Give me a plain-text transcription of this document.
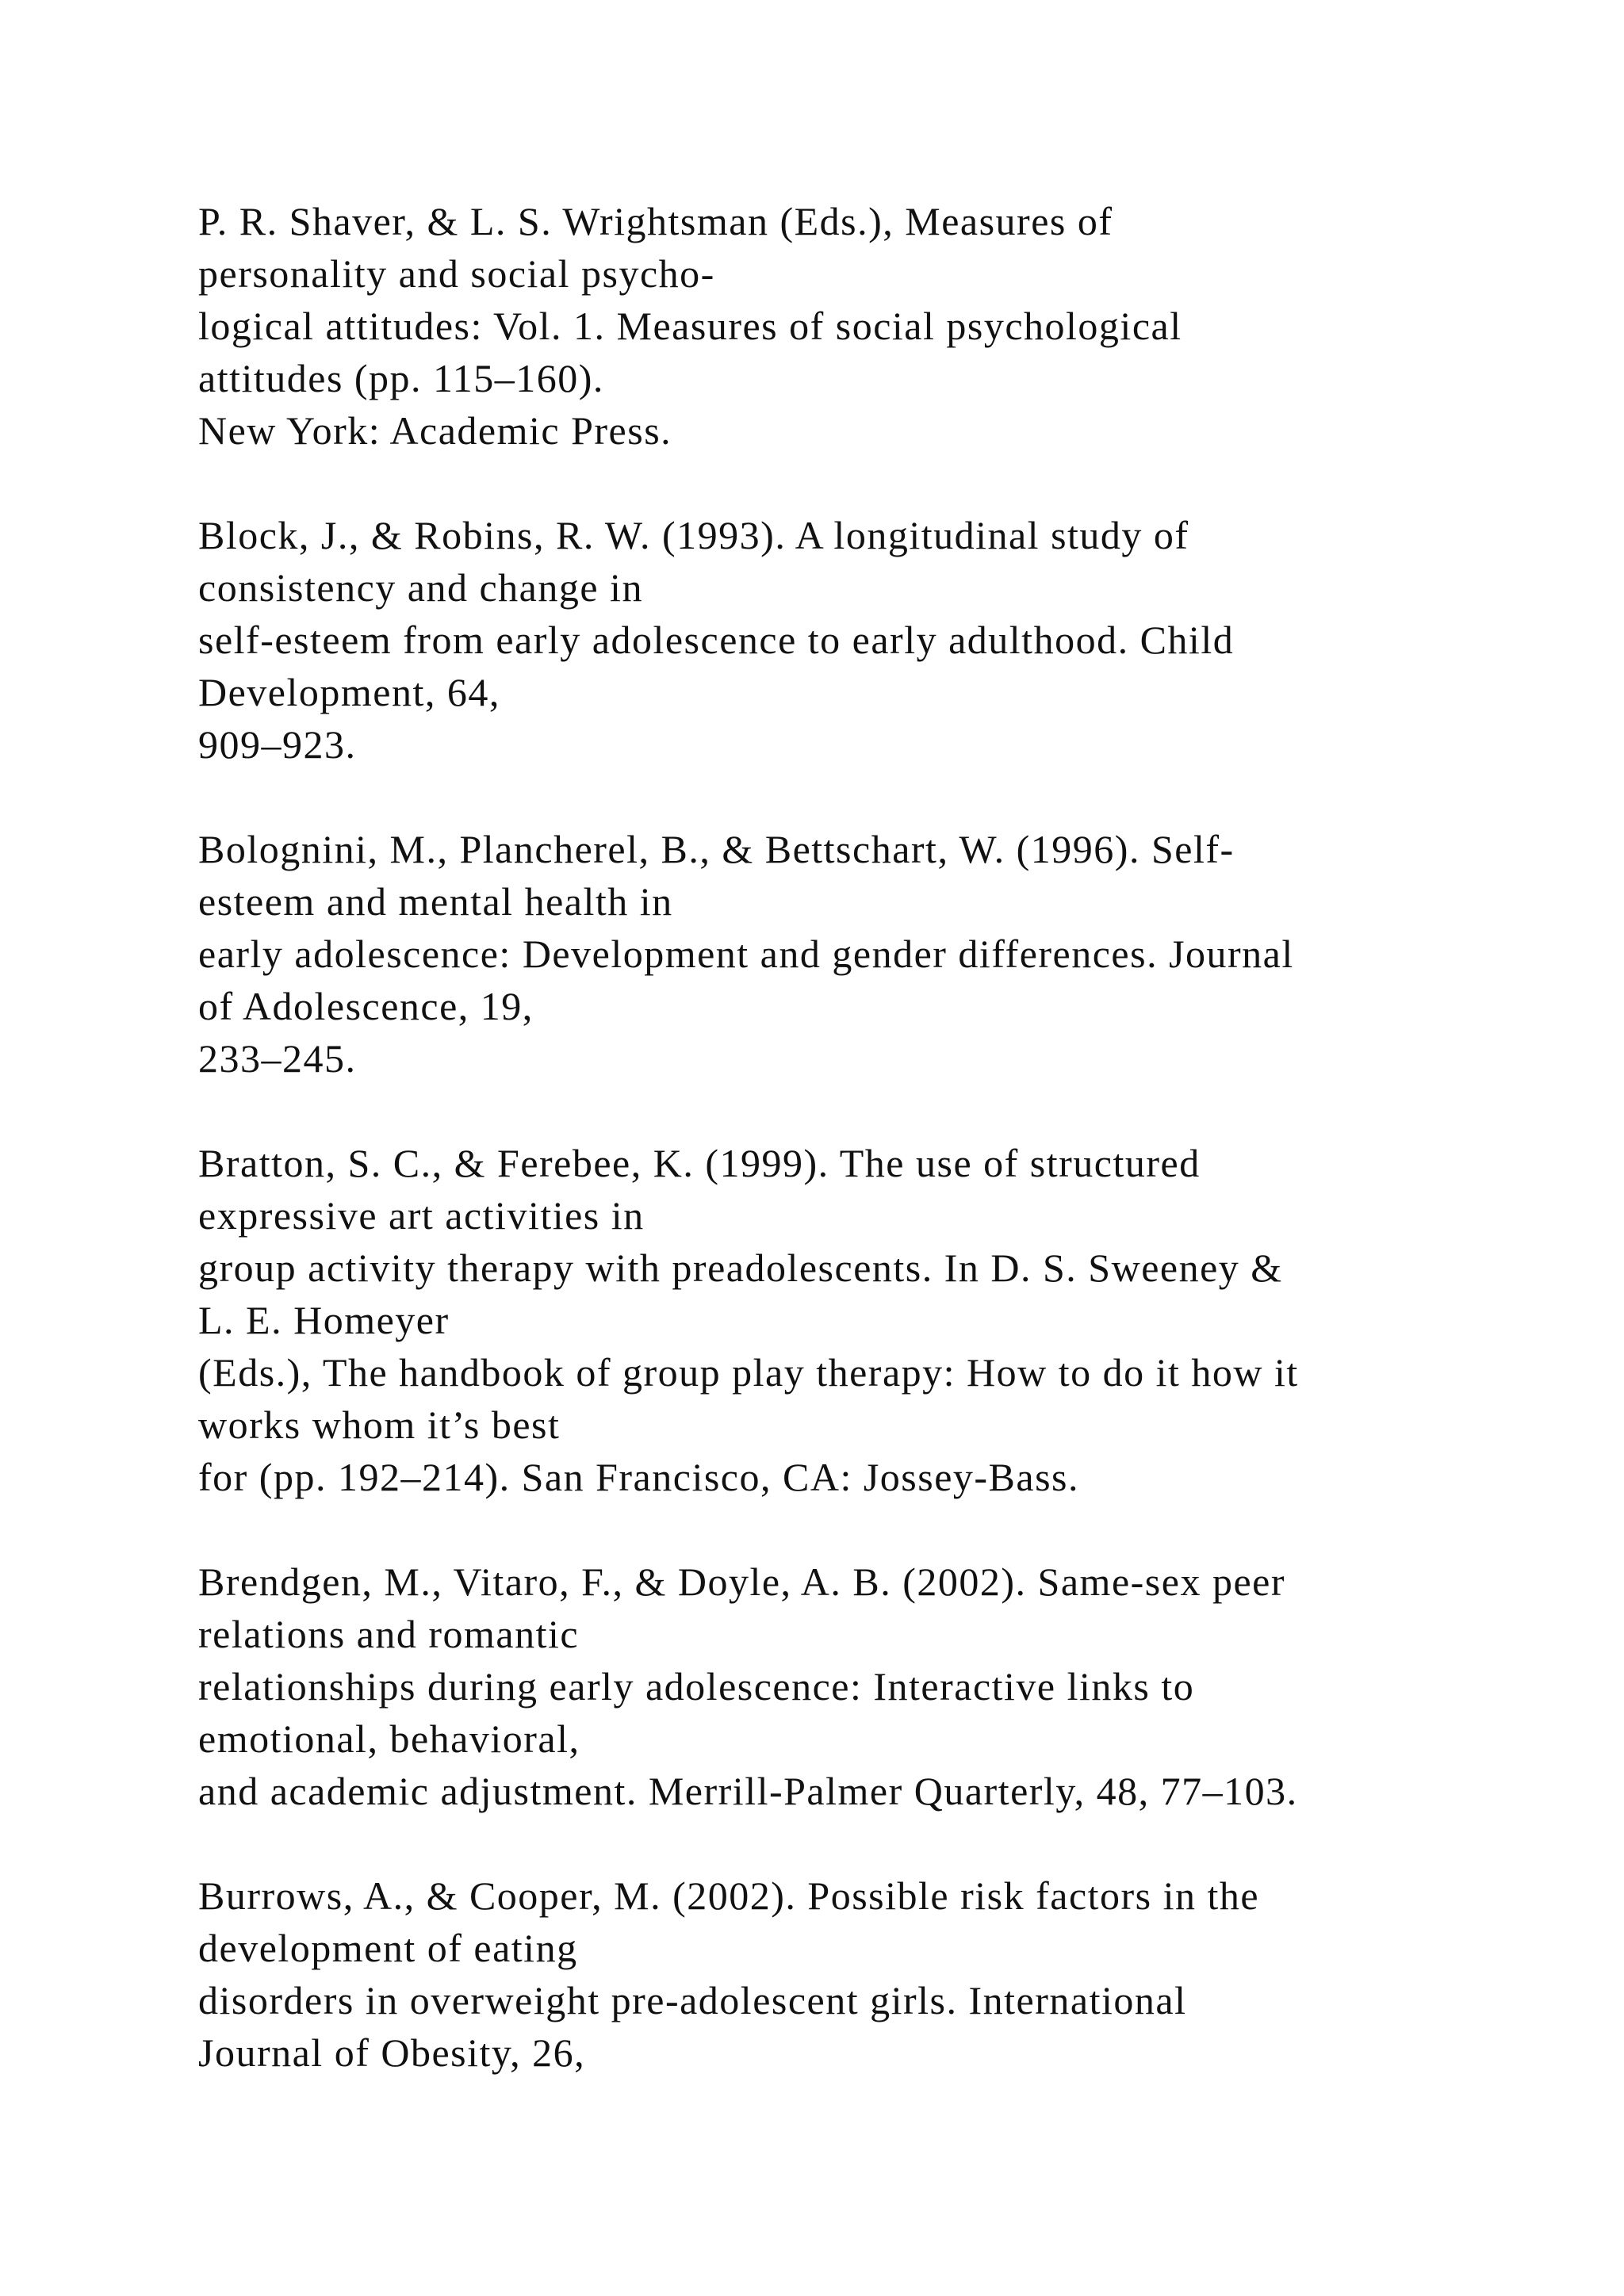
P. R. Shaver, & L. S. Wrightsman (Eds.), Measures of
personality and social psycho-
logical attitudes: Vol. 1. Measures of social psychological
attitudes (pp. 115–160).
New York: Academic Press.
Block, J., & Robins, R. W. (1993). A longitudinal study of
consistency and change in
self-esteem from early adolescence to early adulthood. Child
Development, 64,
909–923.
Bolognini, M., Plancherel, B., & Bettschart, W. (1996). Self-
esteem and mental health in
early adolescence: Development and gender differences. Journal
of Adolescence, 19,
233–245.
Bratton, S. C., & Ferebee, K. (1999). The use of structured
expressive art activities in
group activity therapy with preadolescents. In D. S. Sweeney &
L. E. Homeyer
(Eds.), The handbook of group play therapy: How to do it how it
works whom it’s best
for (pp. 192–214). San Francisco, CA: Jossey-Bass.
Brendgen, M., Vitaro, F., & Doyle, A. B. (2002). Same-sex peer
relations and romantic
relationships during early adolescence: Interactive links to
emotional, behavioral,
and academic adjustment. Merrill-Palmer Quarterly, 48, 77–103.
Burrows, A., & Cooper, M. (2002). Possible risk factors in the
development of eating
disorders in overweight pre-adolescent girls. International
Journal of Obesity, 26,
